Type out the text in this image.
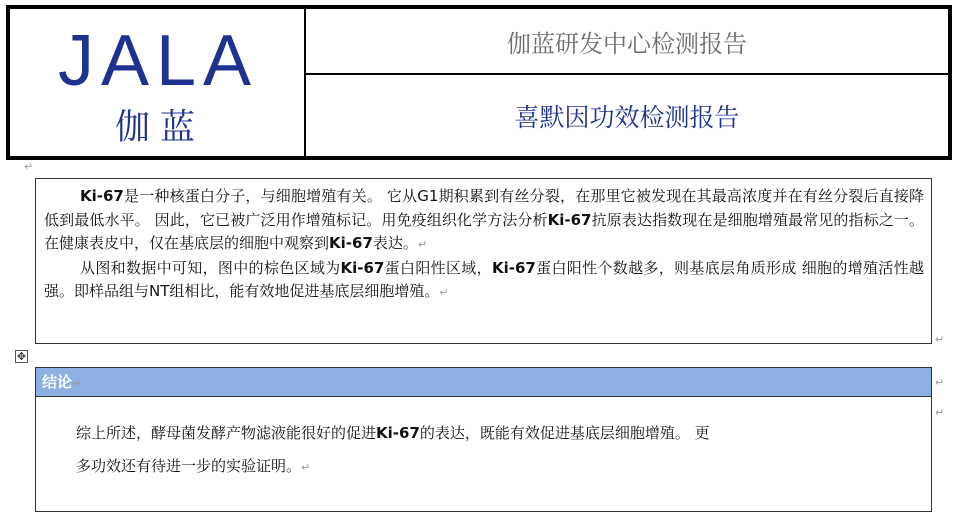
JALA
伽蓝
伽蓝研发中心检测报告
喜默因功效检测报告
↵

Ki-67是一种核蛋白分子，与细胞增殖有关。 它从G1期积累到有丝分裂，在那里它被发现在其最高浓度并在有丝分裂后直接降低到最低水平。 因此，它已被广泛用作增殖标记。用免疫组织化学方法分析Ki-67抗原表达指数现在是细胞增殖最常见的指标之一。 在健康表皮中，仅在基底层的细胞中观察到Ki-67表达。↵

从图和数据中可知，图中的棕色区域为Ki-67蛋白阳性区域，Ki-67蛋白阳性个数越多，则基底层角质形成 细胞的增殖活性越强。即样品组与NT组相比，能有效地促进基底层细胞增殖。↵

↵
✥
结论↵	↵

综上所述，酵母菌发酵产物滤液能很好的促进Ki-67的表达，既能有效促进基底层细胞增殖。 更

多功效还有待进一步的实验证明。↵

↵
